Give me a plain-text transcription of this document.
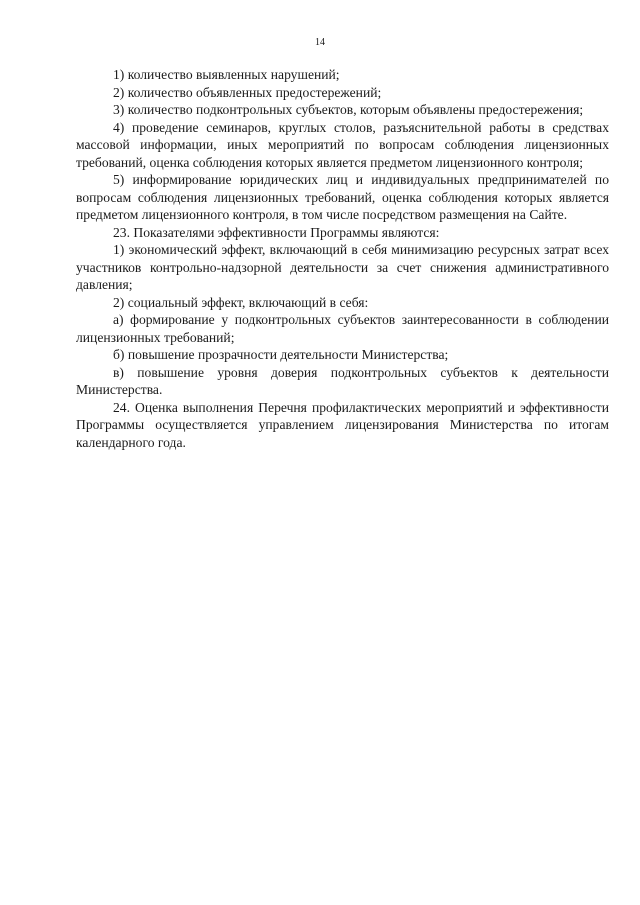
14

1) количество выявленных нарушений;

2) количество объявленных предостережений;

3) количество подконтрольных субъектов, которым объявлены предостережения;

4) проведение семинаров, круглых столов, разъяснительной работы в средствах массовой информации, иных мероприятий по вопросам соблюдения лицензионных требований, оценка соблюдения которых является предметом лицензионного контроля;

5) информирование юридических лиц и индивидуальных предпринимателей по вопросам соблюдения лицензионных требований, оценка соблюдения которых является предметом лицензионного контроля, в том числе посредством размещения на Сайте.

23. Показателями эффективности Программы являются:

1) экономический эффект, включающий в себя минимизацию ресурсных затрат всех участников контрольно-надзорной деятельности за счет снижения административного давления;

2) социальный эффект, включающий в себя:

а) формирование у подконтрольных субъектов заинтересованности в соблюдении лицензионных требований;

б) повышение прозрачности деятельности Министерства;

в) повышение уровня доверия подконтрольных субъектов к деятельности Министерства.

24. Оценка выполнения Перечня профилактических мероприятий и эффективности Программы осуществляется управлением лицензирования Министерства по итогам календарного года.
